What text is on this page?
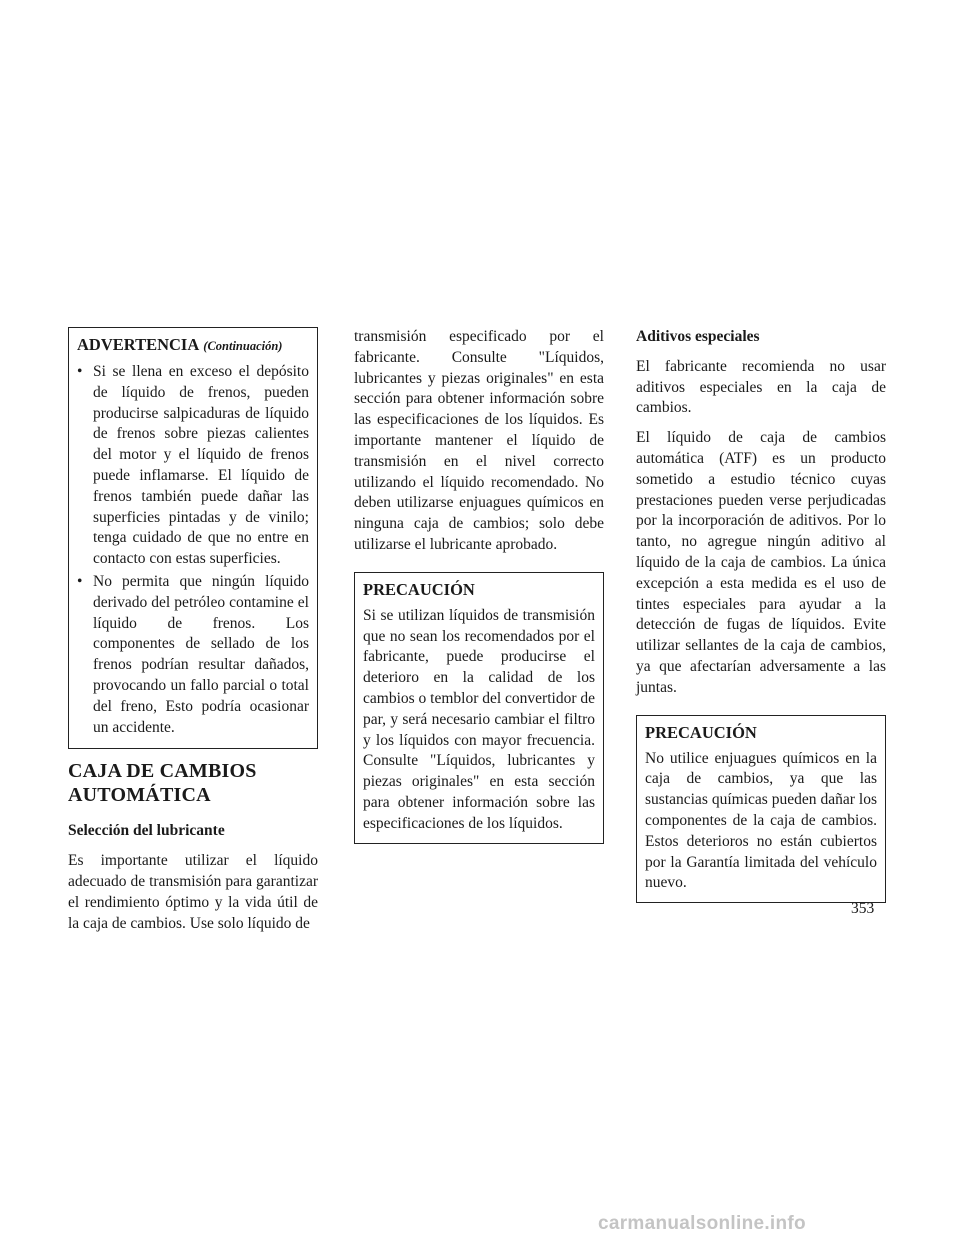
ADVERTENCIA (Continuación)
• Si se llena en exceso el depósito de líquido de frenos, pueden producirse salpicaduras de líquido de frenos sobre piezas calientes del motor y el líquido de frenos puede inflamarse. El líquido de frenos también puede dañar las superficies pintadas y de vinilo; tenga cuidado de que no entre en contacto con estas superficies.
• No permita que ningún líquido derivado del petróleo contamine el líquido de frenos. Los componentes de sellado de los frenos podrían resultar dañados, provocando un fallo parcial o total del freno, Esto podría ocasionar un accidente.
CAJA DE CAMBIOS AUTOMÁTICA
Selección del lubricante

Es importante utilizar el líquido adecuado de transmisión para garantizar el rendimiento óptimo y la vida útil de la caja de cambios. Use solo líquido de

transmisión especificado por el fabricante. Consulte "Líquidos, lubricantes y piezas originales" en esta sección para obtener información sobre las especificaciones de los líquidos. Es importante mantener el líquido de transmisión en el nivel correcto utilizando el líquido recomendado. No deben utilizarse enjuagues químicos en ninguna caja de cambios; solo debe utilizarse el lubricante aprobado.

PRECAUCIÓN

Si se utilizan líquidos de transmisión que no sean los recomendados por el fabricante, puede producirse el deterioro en la calidad de los cambios o temblor del convertidor de par, y será necesario cambiar el filtro y los líquidos con mayor frecuencia. Consulte "Líquidos, lubricantes y piezas originales" en esta sección para obtener información sobre las especificaciones de los líquidos.

Aditivos especiales

El fabricante recomienda no usar aditivos especiales en la caja de cambios.

El líquido de caja de cambios automática (ATF) es un producto sometido a estudio técnico cuyas prestaciones pueden verse perjudicadas por la incorporación de aditivos. Por lo tanto, no agregue ningún aditivo al líquido de la caja de cambios. La única excepción a esta medida es el uso de tintes especiales para ayudar a la detección de fugas de líquidos. Evite utilizar sellantes de la caja de cambios, ya que afectarían adversamente a las juntas.

PRECAUCIÓN

No utilice enjuagues químicos en la caja de cambios, ya que las sustancias químicas pueden dañar los componentes de la caja de cambios. Estos deterioros no están cubiertos por la Garantía limitada del vehículo nuevo.

353
carmanualsonline.info
